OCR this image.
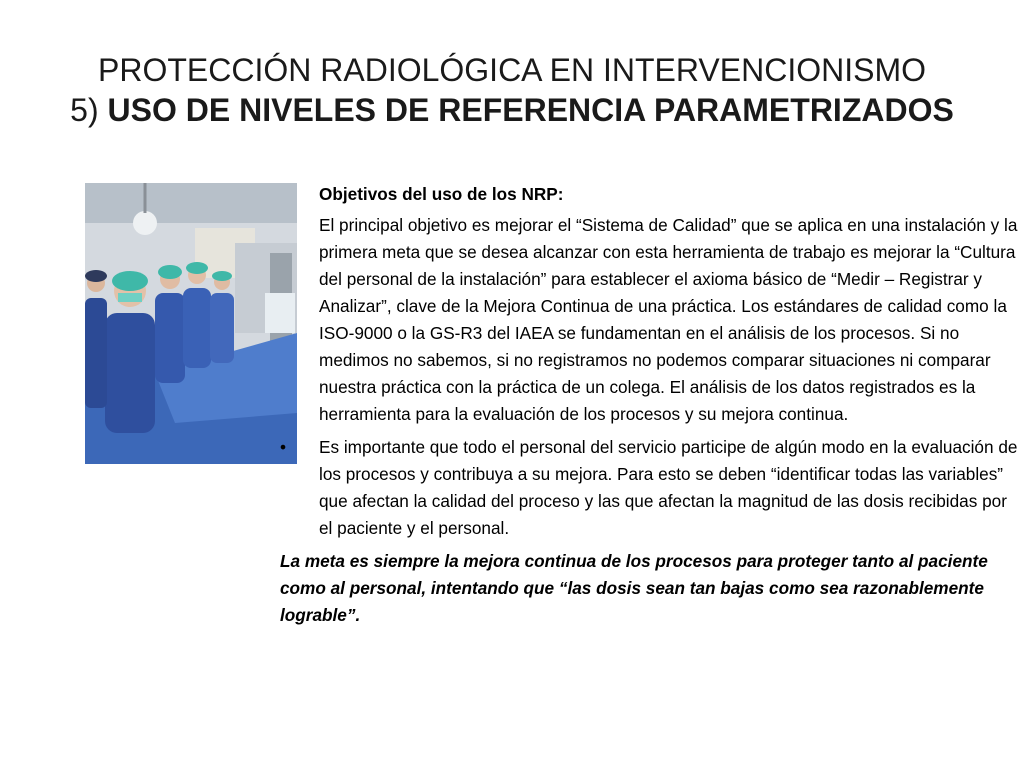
PROTECCIÓN RADIOLÓGICA EN INTERVENCIONISMO
5) USO DE NIVELES DE REFERENCIA PARAMETRIZADOS
Objetivos del uso de los NRP:
El principal objetivo es mejorar el “Sistema de Calidad” que se aplica en una instalación y la primera meta que se desea alcanzar con esta herramienta de trabajo es mejorar la “Cultura del personal de la instalación” para establecer el axioma básico de “Medir – Registrar y Analizar”, clave de la Mejora Continua de una práctica. Los estándares de calidad como la ISO-9000 o la GS-R3 del IAEA se fundamentan en el análisis de los procesos. Si no medimos no sabemos, si no registramos no podemos comparar situaciones ni comparar nuestra práctica con la práctica de un colega. El análisis de los datos registrados es la herramienta para la evaluación de los procesos y su mejora continua.
•	Es importante que todo el personal del servicio participe de algún modo en la evaluación de los procesos y contribuya a su mejora. Para esto se deben “identificar todas las variables” que afectan la calidad del proceso y las que afectan la magnitud de las dosis recibidas por el paciente y el personal.
La meta es siempre la mejora continua de los procesos para proteger tanto al paciente como al personal, intentando que “las dosis sean tan bajas como sea razonablemente lograble”.
